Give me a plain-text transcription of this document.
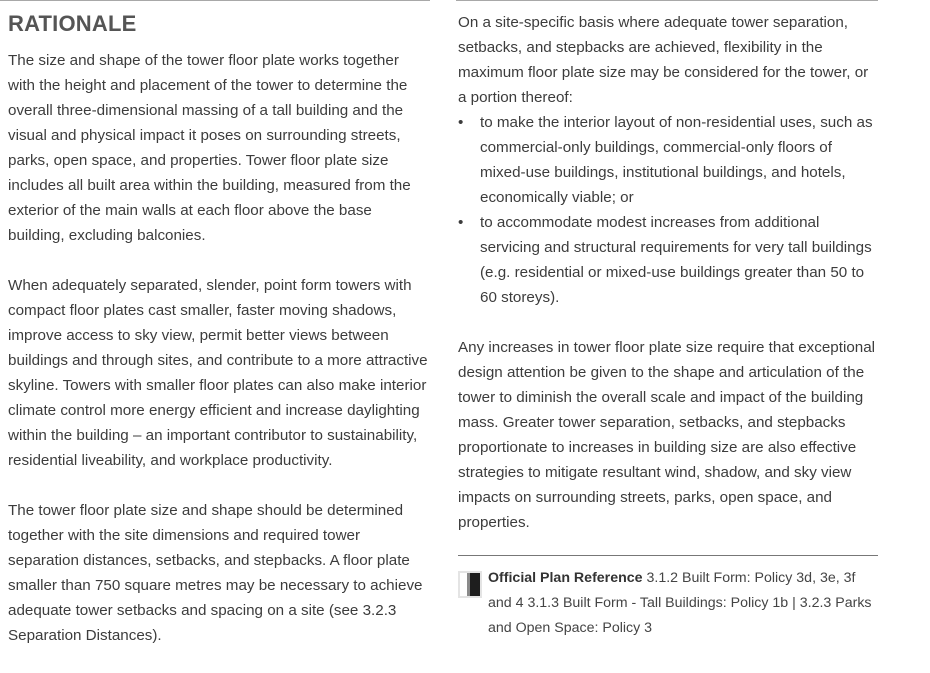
RATIONALE

The size and shape of the tower floor plate works together with the height and placement of the tower to determine the overall three-dimensional massing of a tall building and the visual and physical impact it poses on surrounding streets, parks, open space, and properties. Tower floor plate size includes all built area within the building, measured from the exterior of the main walls at each floor above the base building, excluding balconies.

When adequately separated, slender, point form towers with compact floor plates cast smaller, faster moving shadows, improve access to sky view, permit better views between buildings and through sites, and contribute to a more attractive skyline. Towers with smaller floor plates can also make interior climate control more energy efficient and increase daylighting within the building – an important contributor to sustainability, residential liveability, and workplace productivity.

The tower floor plate size and shape should be determined together with the site dimensions and required tower separation distances, setbacks, and stepbacks. A floor plate smaller than 750 square metres may be necessary to achieve adequate tower setbacks and spacing on a site (see 3.2.3 Separation Distances).

On a site-specific basis where adequate tower separation, setbacks, and stepbacks are achieved, flexibility in the maximum floor plate size may be considered for the tower, or a portion thereof:

• to make the interior layout of non-residential uses, such as commercial-only buildings, commercial-only floors of mixed-use buildings, institutional buildings, and hotels, economically viable; or
• to accommodate modest increases from additional servicing and structural requirements for very tall buildings (e.g. residential or mixed-use buildings greater than 50 to 60 storeys).

Any increases in tower floor plate size require that exceptional design attention be given to the shape and articulation of the tower to diminish the overall scale and impact of the building mass. Greater tower separation, setbacks, and stepbacks proportionate to increases in building size are also effective strategies to mitigate resultant wind, shadow, and sky view impacts on surrounding streets, parks, open space, and properties.

Official Plan Reference 3.1.2 Built Form: Policy 3d, 3e, 3f and 4 3.1.3 Built Form - Tall Buildings: Policy 1b | 3.2.3 Parks and Open Space: Policy 3
